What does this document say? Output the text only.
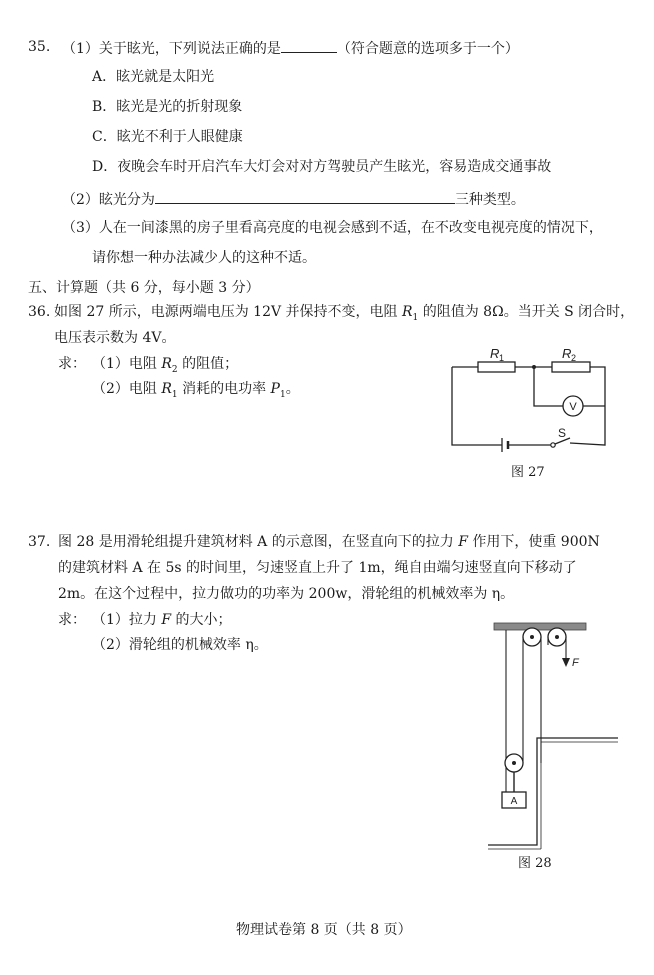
35. （1）关于眩光，下列说法正确的是	（符合题意的选项多于一个）
A．眩光就是太阳光
B．眩光是光的折射现象
C．眩光不利于人眼健康
D．夜晚会车时开启汽车大灯会对对方驾驶员产生眩光，容易造成交通事故
（2）眩光分为	三种类型。
（3）人在一间漆黑的房子里看高亮度的电视会感到不适，在不改变电视亮度的情况下，
请你想一种办法减少人的这种不适。
五、计算题（共 6 分，每小题 3 分）
36. 如图 27 所示，电源两端电压为 12V 并保持不变，电阻 $R_1$ 的阻值为 8Ω。当开关 S 闭合时，
电压表示数为 4V。
求： （1）电阻 $R_2$ 的阻值；
（2）电阻 $R_1$ 消耗的电功率 $P_1$。
R 1	R 2
V
S
图 27
37. 图 28 是用滑轮组提升建筑材料 A 的示意图，在竖直向下的拉力 F 作用下，使重 900N
的建筑材料 A 在 5s 的时间里，匀速竖直上升了 1m，绳自由端匀速竖直向下移动了
2m。在这个过程中，拉力做功的功率为 200w，滑轮组的机械效率为 η。
求： （1）拉力 F 的大小；
（2）滑轮组的机械效率 η。
F
A
图 28
物理试卷第 8 页（共 8 页）
